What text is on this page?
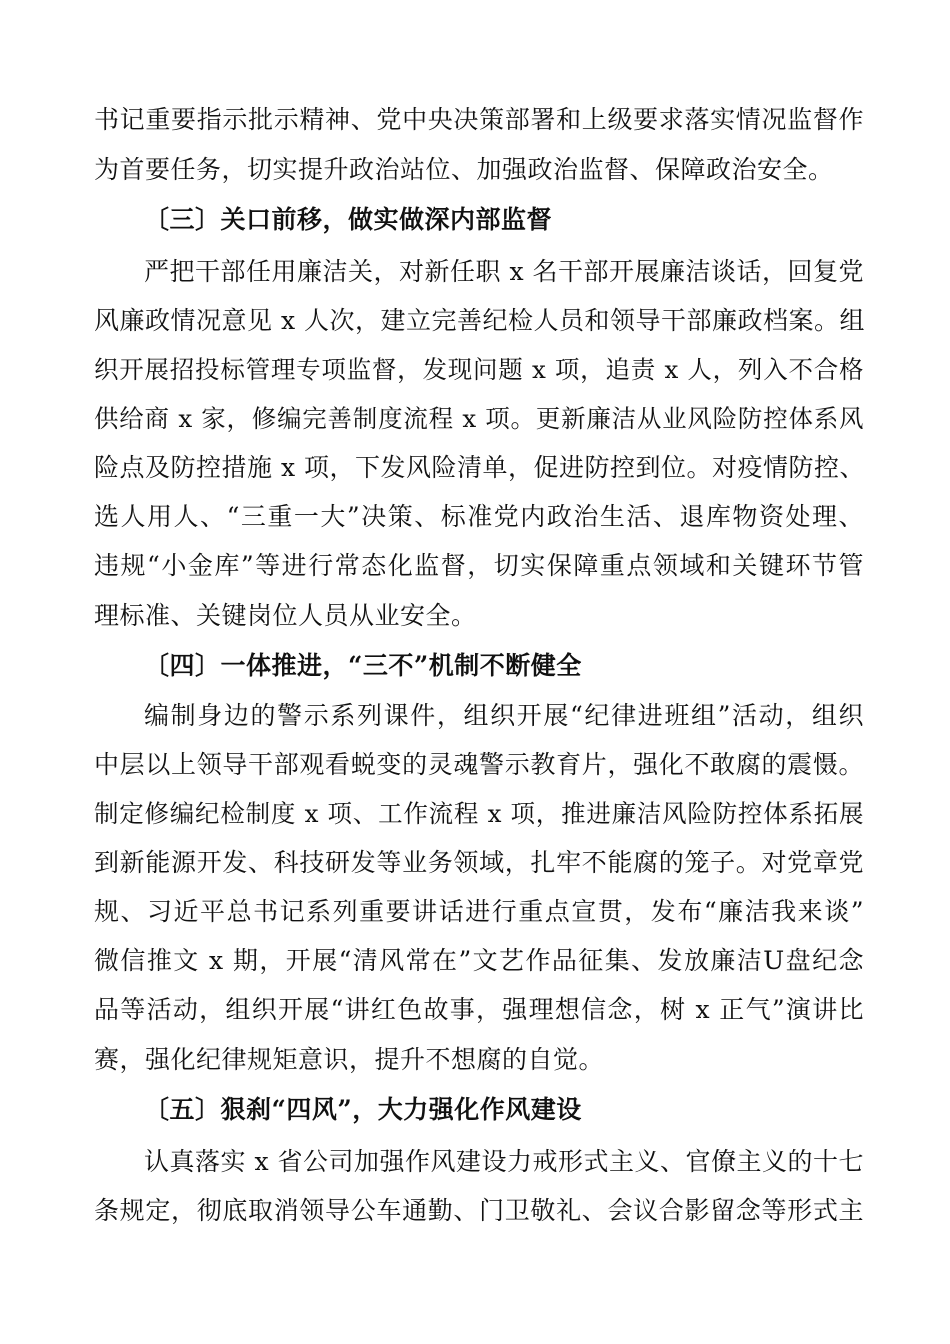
书记重要指示批示精神、党中央决策部署和上级要求落实情况监督作
为首要任务，切实提升政治站位、加强政治监督、保障政治安全。
〔三〕关口前移，做实做深内部监督
严把干部任用廉洁关，对新任职 x 名干部开展廉洁谈话，回复党
风廉政情况意见 x 人次，建立完善纪检人员和领导干部廉政档案。组
织开展招投标管理专项监督，发现问题 x 项，追责 x 人，列入不合格
供给商 x 家，修编完善制度流程 x 项。更新廉洁从业风险防控体系风
险点及防控措施 x 项，下发风险清单，促进防控到位。对疫情防控、
选人用人、“三重一大”决策、标准党内政治生活、退库物资处理、
违规“小金库”等进行常态化监督，切实保障重点领域和关键环节管
理标准、关键岗位人员从业安全。
〔四〕一体推进，“三不”机制不断健全
编制身边的警示系列课件，组织开展“纪律进班组”活动，组织
中层以上领导干部观看蜕变的灵魂警示教育片，强化不敢腐的震慑。
制定修编纪检制度 x 项、工作流程 x 项，推进廉洁风险防控体系拓展
到新能源开发、科技研发等业务领域，扎牢不能腐的笼子。对党章党
规、习近平总书记系列重要讲话进行重点宣贯，发布“廉洁我来谈”
微信推文 x 期，开展“清风常在”文艺作品征集、发放廉洁U盘纪念
品等活动，组织开展“讲红色故事，强理想信念，树 x 正气”演讲比
赛，强化纪律规矩意识，提升不想腐的自觉。
〔五〕狠刹“四风”，大力强化作风建设
认真落实 x 省公司加强作风建设力戒形式主义、官僚主义的十七
条规定，彻底取消领导公车通勤、门卫敬礼、会议合影留念等形式主
